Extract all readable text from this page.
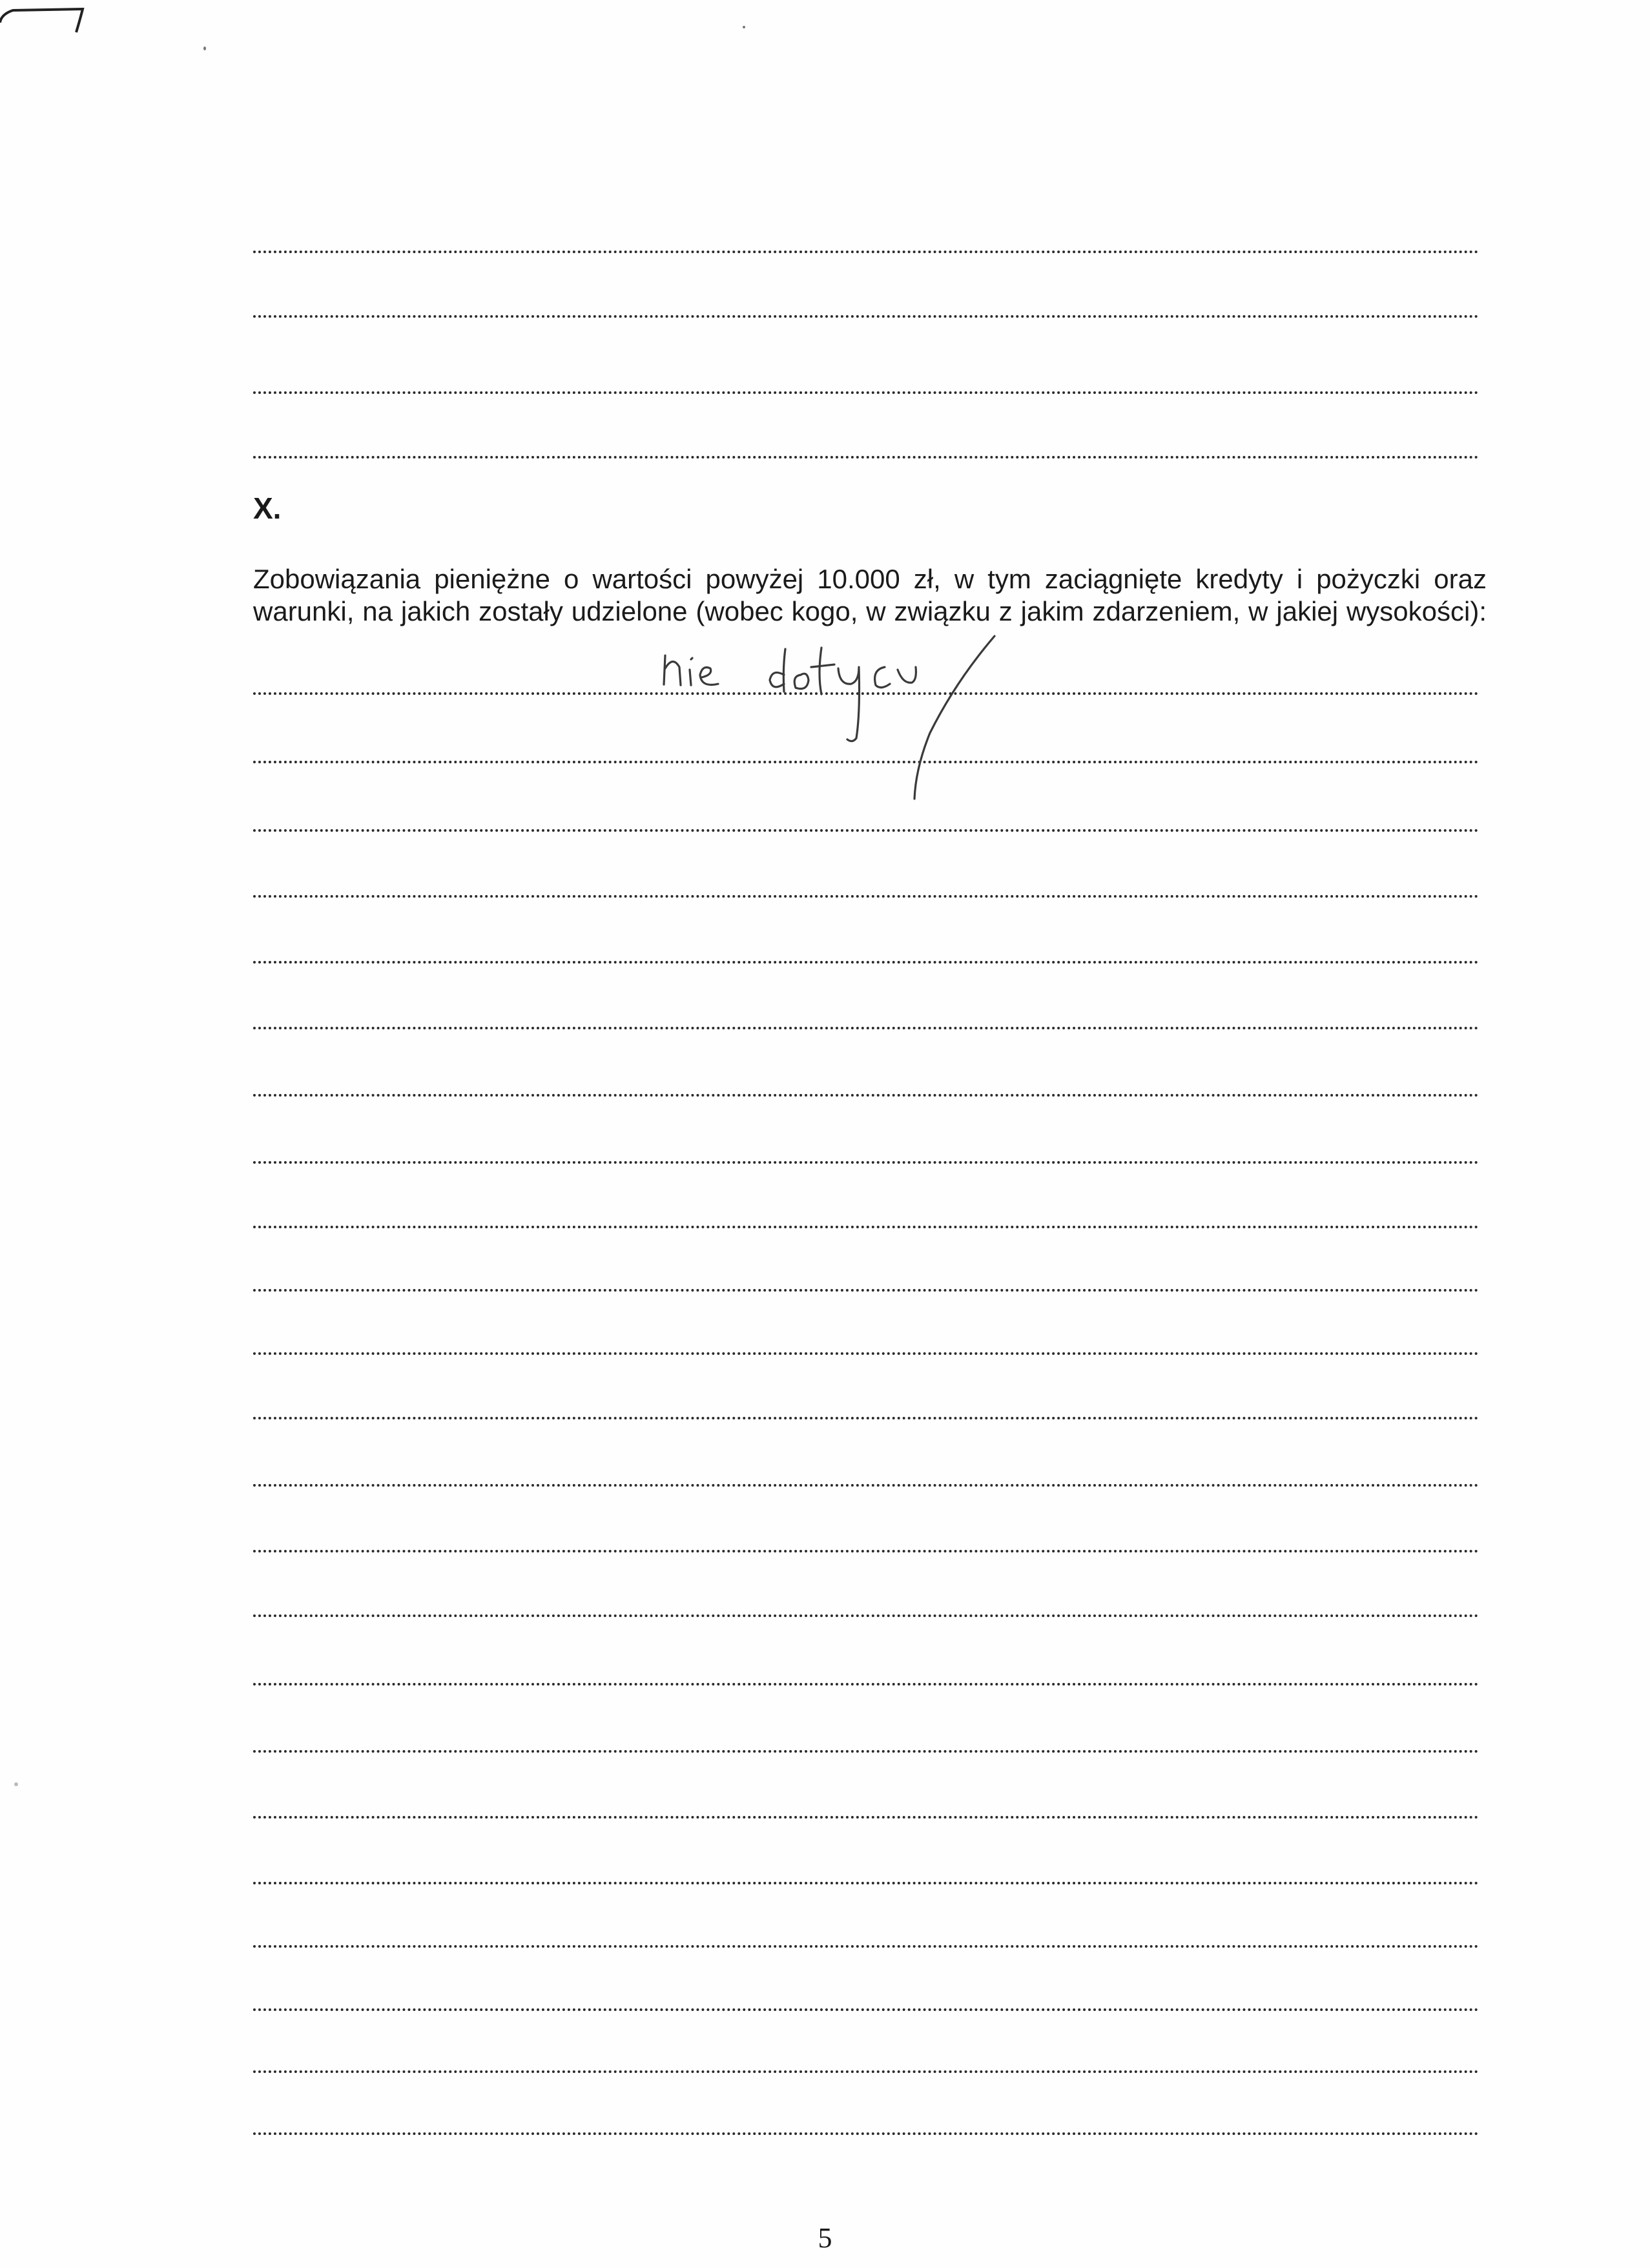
X.
Zobowiązania pieniężne o wartości powyżej 10.000 zł, w tym zaciągnięte kredyty i pożyczki oraz
warunki, na jakich zostały udzielone (wobec kogo, w związku z jakim zdarzeniem, w jakiej wysokości):
5
